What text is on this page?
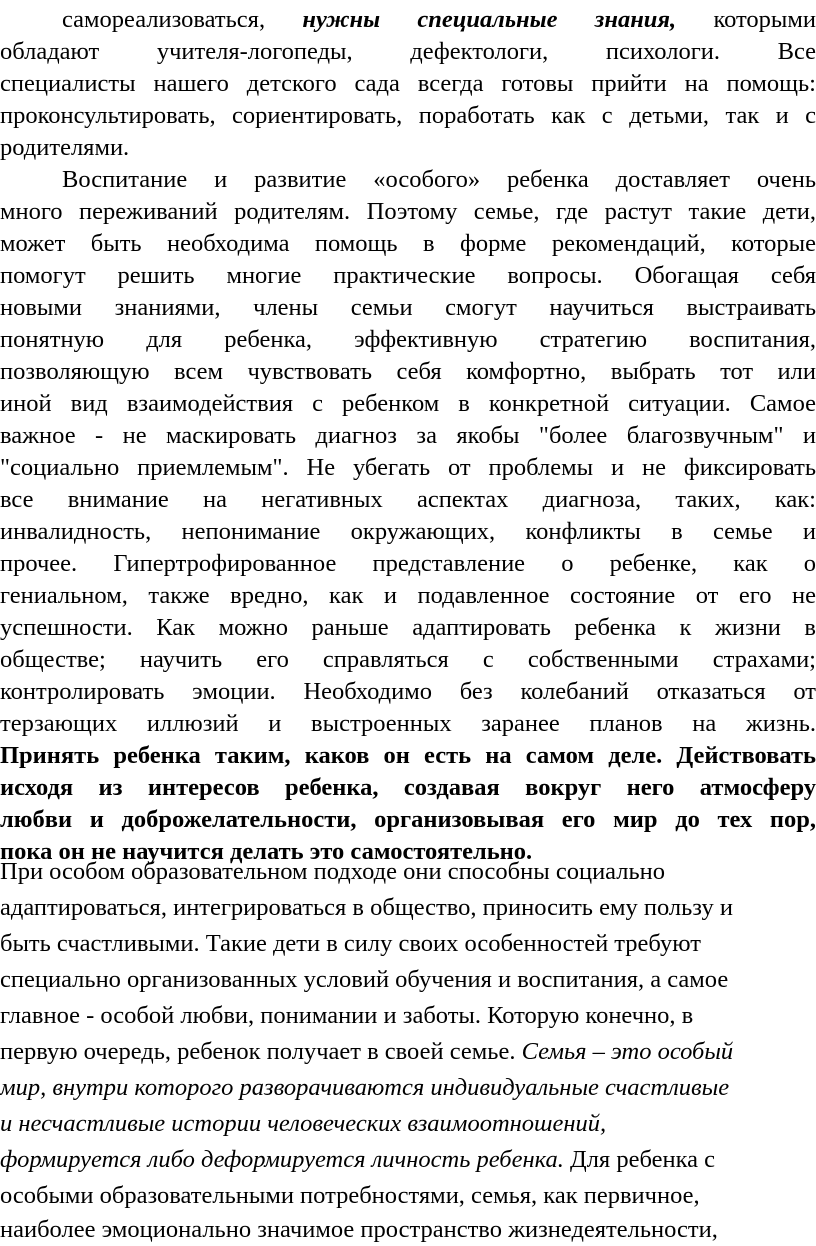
самореализоваться, нужны специальные знания, которыми
обладают учителя-логопеды, дефектологи, психологи. Все
специалисты нашего детского сада всегда готовы прийти на помощь:
проконсультировать, сориентировать, поработать как с детьми, так и с
родителями.
Воспитание и развитие «особого» ребенка доставляет очень
много переживаний родителям. Поэтому семье, где растут такие дети,
может быть необходима помощь в форме рекомендаций, которые
помогут решить многие практические вопросы. Обогащая себя
новыми знаниями, члены семьи смогут научиться выстраивать
понятную для ребенка, эффективную стратегию воспитания,
позволяющую всем чувствовать себя комфортно, выбрать тот или
иной вид взаимодействия с ребенком в конкретной ситуации. Самое
важное - не маскировать диагноз за якобы "более благозвучным" и
"социально приемлемым". Не убегать от проблемы и не фиксировать
все внимание на негативных аспектах диагноза, таких, как:
инвалидность, непонимание окружающих, конфликты в семье и
прочее. Гипертрофированное представление о ребенке, как о
гениальном, также вредно, как и подавленное состояние от его не
успешности. Как можно раньше адаптировать ребенка к жизни в
обществе; научить его справляться с собственными страхами;
контролировать эмоции. Необходимо без колебаний отказаться от
терзающих иллюзий и выстроенных заранее планов на жизнь.
Принять ребенка таким, каков он есть на самом деле. Действовать
исходя из интересов ребенка, создавая вокруг него атмосферу
любви и доброжелательности, организовывая его мир до тех пор,
пока он не научится делать это самостоятельно.
При особом образовательном подходе они способны социально
адаптироваться, интегрироваться в общество, приносить ему пользу и
быть счастливыми. Такие дети в силу своих особенностей требуют
специально организованных условий обучения и воспитания, а самое
главное - особой любви, понимании и заботы. Которую конечно, в
первую очередь, ребенок получает в своей семье. Семья – это особый
мир, внутри которого разворачиваются индивидуальные счастливые
и несчастливые истории человеческих взаимоотношений,
формируется либо деформируется личность ребенка. Для ребенка с
особыми образовательными потребностями, семья, как первичное,
наиболее эмоционально значимое пространство жизнедеятельности,
